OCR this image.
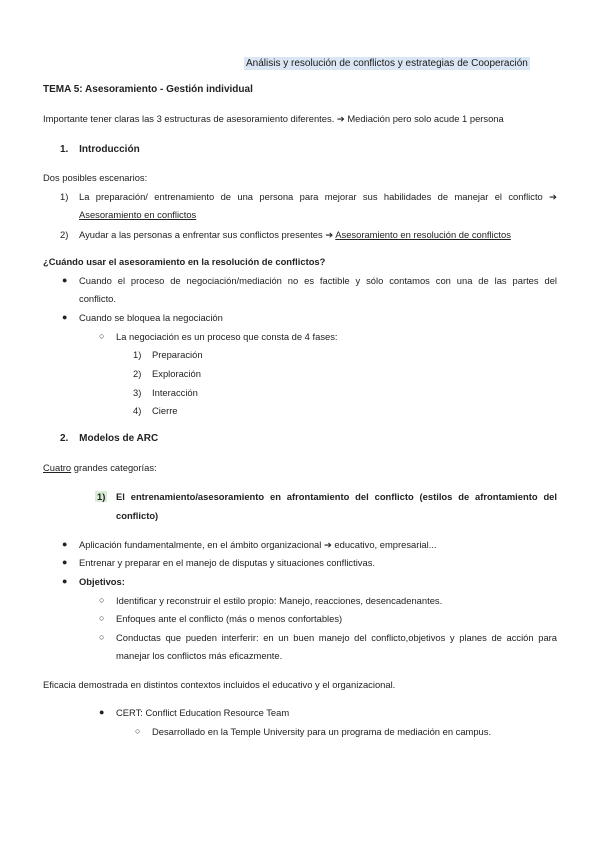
Análisis y resolución de conflictos y estrategias de Cooperación
TEMA 5: Asesoramiento - Gestión individual
Importante tener claras las 3 estructuras de asesoramiento diferentes. ➔ Mediación pero solo acude 1 persona
1. Introducción
Dos posibles escenarios:
1) La preparación/ entrenamiento de una persona para mejorar sus habilidades de manejar el conflicto ➔
Asesoramiento en conflictos
2) Ayudar a las personas a enfrentar sus conflictos presentes ➔ Asesoramiento en resolución de conflictos
¿Cuándo usar el asesoramiento en la resolución de conflictos?
● Cuando el proceso de negociación/mediación no es factible y sólo contamos con una de las partes del
conflicto.
● Cuando se bloquea la negociación
○ La negociación es un proceso que consta de 4 fases:
1) Preparación
2) Exploración
3) Interacción
4) Cierre
2. Modelos de ARC
Cuatro grandes categorías:
1) El entrenamiento/asesoramiento en afrontamiento del conflicto (estilos de afrontamiento del
conflicto)
● Aplicación fundamentalmente, en el ámbito organizacional ➔ educativo, empresarial...
● Entrenar y preparar en el manejo de disputas y situaciones conflictivas.
● Objetivos:
○ Identificar y reconstruir el estilo propio: Manejo, reacciones, desencadenantes.
○ Enfoques ante el conflicto (más o menos confortables)
○ Conductas que pueden interferir: en un buen manejo del conflicto,objetivos y planes de acción para
manejar los conflictos más eficazmente.
Eficacia demostrada en distintos contextos incluidos el educativo y el organizacional.
● CERT: Conflict Education Resource Team
○ Desarrollado en la Temple University para un programa de mediación en campus.
